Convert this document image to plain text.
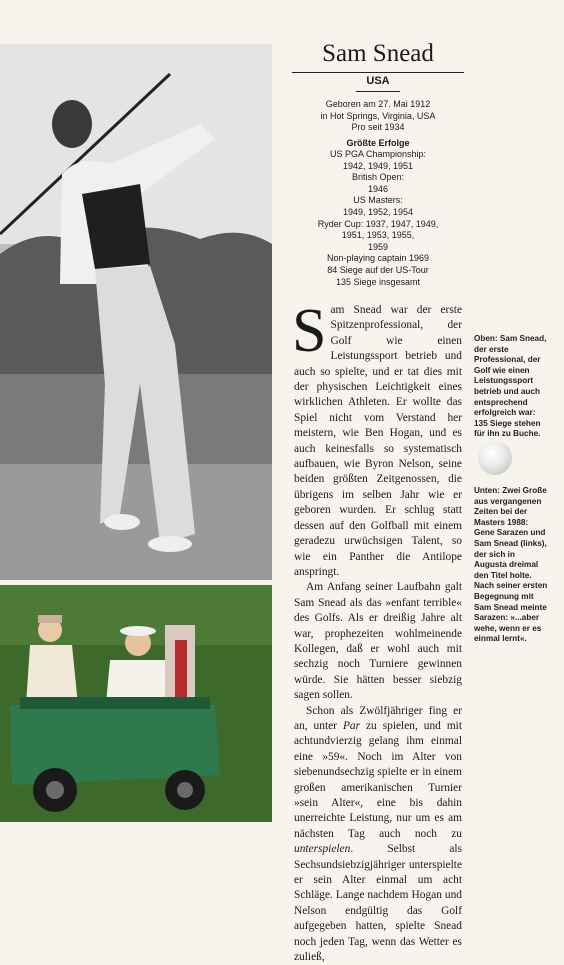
Sam Snead
USA
Geboren am 27. Mai 1912
in Hot Springs, Virginia, USA
Pro seit 1934
Größte Erfolge
US PGA Championship:
1942, 1949, 1951
British Open:
1946
US Masters:
1949, 1952, 1954
Ryder Cup: 1937, 1947, 1949,
1951, 1953, 1955,
1959
Non-playing captain 1969
84 Siege auf der US-Tour
135 Siege insgesamt

Sam Snead war der erste Spitzenprofessional, der Golf wie einen Leistungssport betrieb und auch so spielte, und er tat dies mit der physischen Leichtigkeit eines wirklichen Athleten. Er wollte das Spiel nicht vom Verstand her meistern, wie Ben Hogan, und es auch keinesfalls so systematisch aufbauen, wie Byron Nelson, seine beiden größten Zeitgenossen, die übrigens im selben Jahr wie er geboren wurden. Er schlug statt dessen auf den Golfball mit einem geradezu urwüchsigen Talent, so wie ein Panther die Antilope anspringt.

Am Anfang seiner Laufbahn galt Sam Snead als das »enfant terrible« des Golfs. Als er dreißig Jahre alt war, prophezeiten wohlmeinende Kollegen, daß er wohl auch mit sechzig noch Turniere gewinnen würde. Sie hätten besser siebzig sagen sollen.

Schon als Zwölfjähriger fing er an, unter Par zu spielen, und mit achtundvierzig gelang ihm einmal eine »59«. Noch im Alter von siebenundsechzig spielte er in einem großen amerikanischen Turnier »sein Alter«, eine bis dahin unerreichte Leistung, nur um es am nächsten Tag auch noch zu unterspielen. Selbst als Sechsundsiebzigjähriger unterspielte er sein Alter einmal um acht Schläge. Lange nachdem Hogan und Nelson endgültig das Golf aufgegeben hatten, spielte Snead noch jeden Tag, wenn das Wetter es zuließ,

Oben: Sam Snead, der erste Professional, der Golf wie einen Leistungssport betrieb und auch entsprechend erfolgreich war: 135 Siege stehen für ihn zu Buche.
Unten: Zwei Große aus vergangenen Zeiten bei der Masters 1988: Gene Sarazen und Sam Snead (links), der sich in Augusta dreimal den Titel holte. Nach seiner ersten Begegnung mit Sam Snead meinte Sarazen: »...aber wehe, wenn er es einmal lernt«.
